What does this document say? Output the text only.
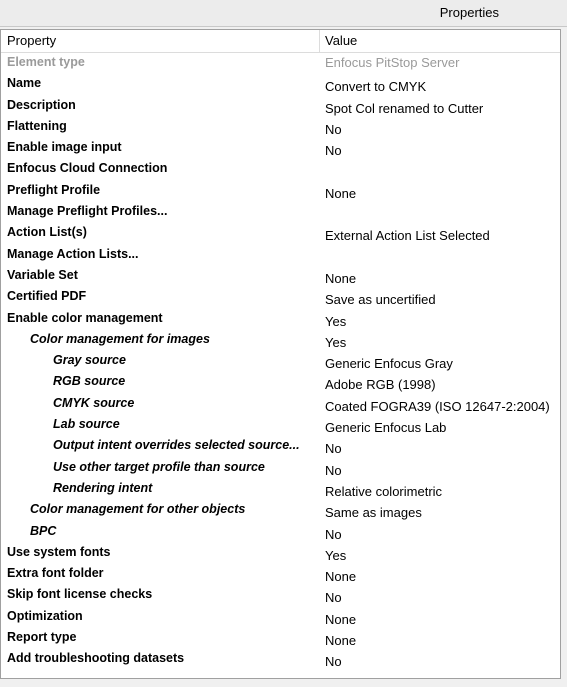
Properties
Property	Value
Element type	Enfocus PitStop Server
Name	Convert to CMYK
Description	Spot Col renamed to Cutter
Flattening	No
Enable image input	No
Enfocus Cloud Connection
Preflight Profile	None
Manage Preflight Profiles...
Action List(s)	External Action List Selected
Manage Action Lists...
Variable Set	None
Certified PDF	Save as uncertified
Enable color management	Yes
Color management for images	Yes
Gray source	Generic Enfocus Gray
RGB source	Adobe RGB (1998)
CMYK source	Coated FOGRA39 (ISO 12647-2:2004)
Lab source	Generic Enfocus Lab
Output intent overrides selected source... No
Use other target profile than source	No
Rendering intent	Relative colorimetric
Color management for other objects	Same as images
BPC	No
Use system fonts	Yes
Extra font folder	None
Skip font license checks	No
Optimization	None
Report type	None
Add troubleshooting datasets	No
